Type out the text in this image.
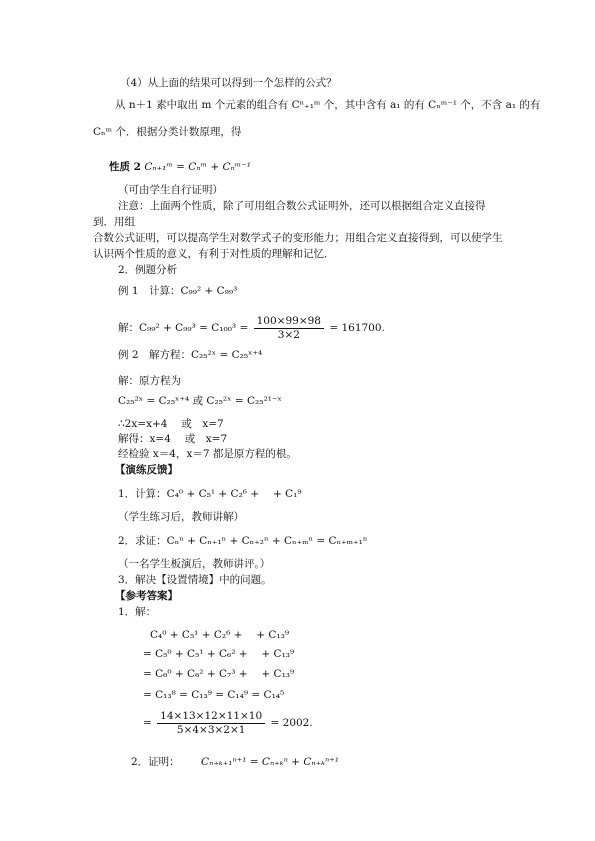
（4）从上面的结果可以得到一个怎样的公式？
从 n＋1 素中取出 m 个元素的组合有 Cⁿ₊₁ᵐ 个，其中含有 a₁ 的有 Cₙᵐ⁻¹ 个，不含 a₁ 的有
Cₙᵐ 个．根据分类计数原理，得
性质 2 Cₙ₊₁ᵐ = Cₙᵐ + Cₙᵐ⁻¹
（可由学生自行证明）
注意：上面两个性质，除了可用组合数公式证明外，还可以根据组合定义直接得
到．用组
合数公式证明，可以提高学生对数学式子的变形能力；用组合定义直接得到，可以使学生
认识两个性质的意义，有利于对性质的理解和记忆．
2．例题分析
例 1　计算：C₉₉² + C₉₉³
解：$C_{99}^2 + C_{99}^3 = C_{100}^3 = \frac{100\times 99\times 98}{3\times 2} = 161700$.
例 2　解方程：C₂₅²ˣ = C₂₅ˣ⁺⁴
解：原方程为
C₂₅²ˣ = C₂₅ˣ⁺⁴ 或 C₂₅²ˣ = C₂₅²¹⁻ˣ
∴2x=x+4　 或　x=7
解得：x=4　 或　x=7
经检验 x＝4，x＝7 都是原方程的根。
【演练反馈】
1．计算：C₄⁰ + C₅¹ + C₂⁶ +　 + C₁⁹
（学生练习后，教师讲解）
2．求证：Cₙⁿ + Cₙ₊₁ⁿ + Cₙ₊₂ⁿ + Cₙ₊ₘⁿ = Cₙ₊ₘ₊₁ⁿ
（一名学生板演后，教师讲评。）
3．解决【设置情境】中的问题。
【参考答案】
1．解：
C₄⁰ + C₅¹ + C₂⁶ +　 + C₁₃⁹
= C₅⁰ + C₅¹ + C₆² +　 + C₁₃⁹
= C₆⁰ + C₆² + C₇³ +　 + C₁₃⁹
= C₁₃⁸ = C₁₃⁹ = C₁₄⁹ = C₁₄⁵
= $\frac{14\times 13\times 12\times 11\times 10}{5\times 4\times 3\times 2\times 1} = 2002$.
2．证明： Cₙ₊ₖ₊₁ⁿ⁺¹ = Cₙ₊ₖⁿ + Cₙ₊ₖⁿ⁺¹
